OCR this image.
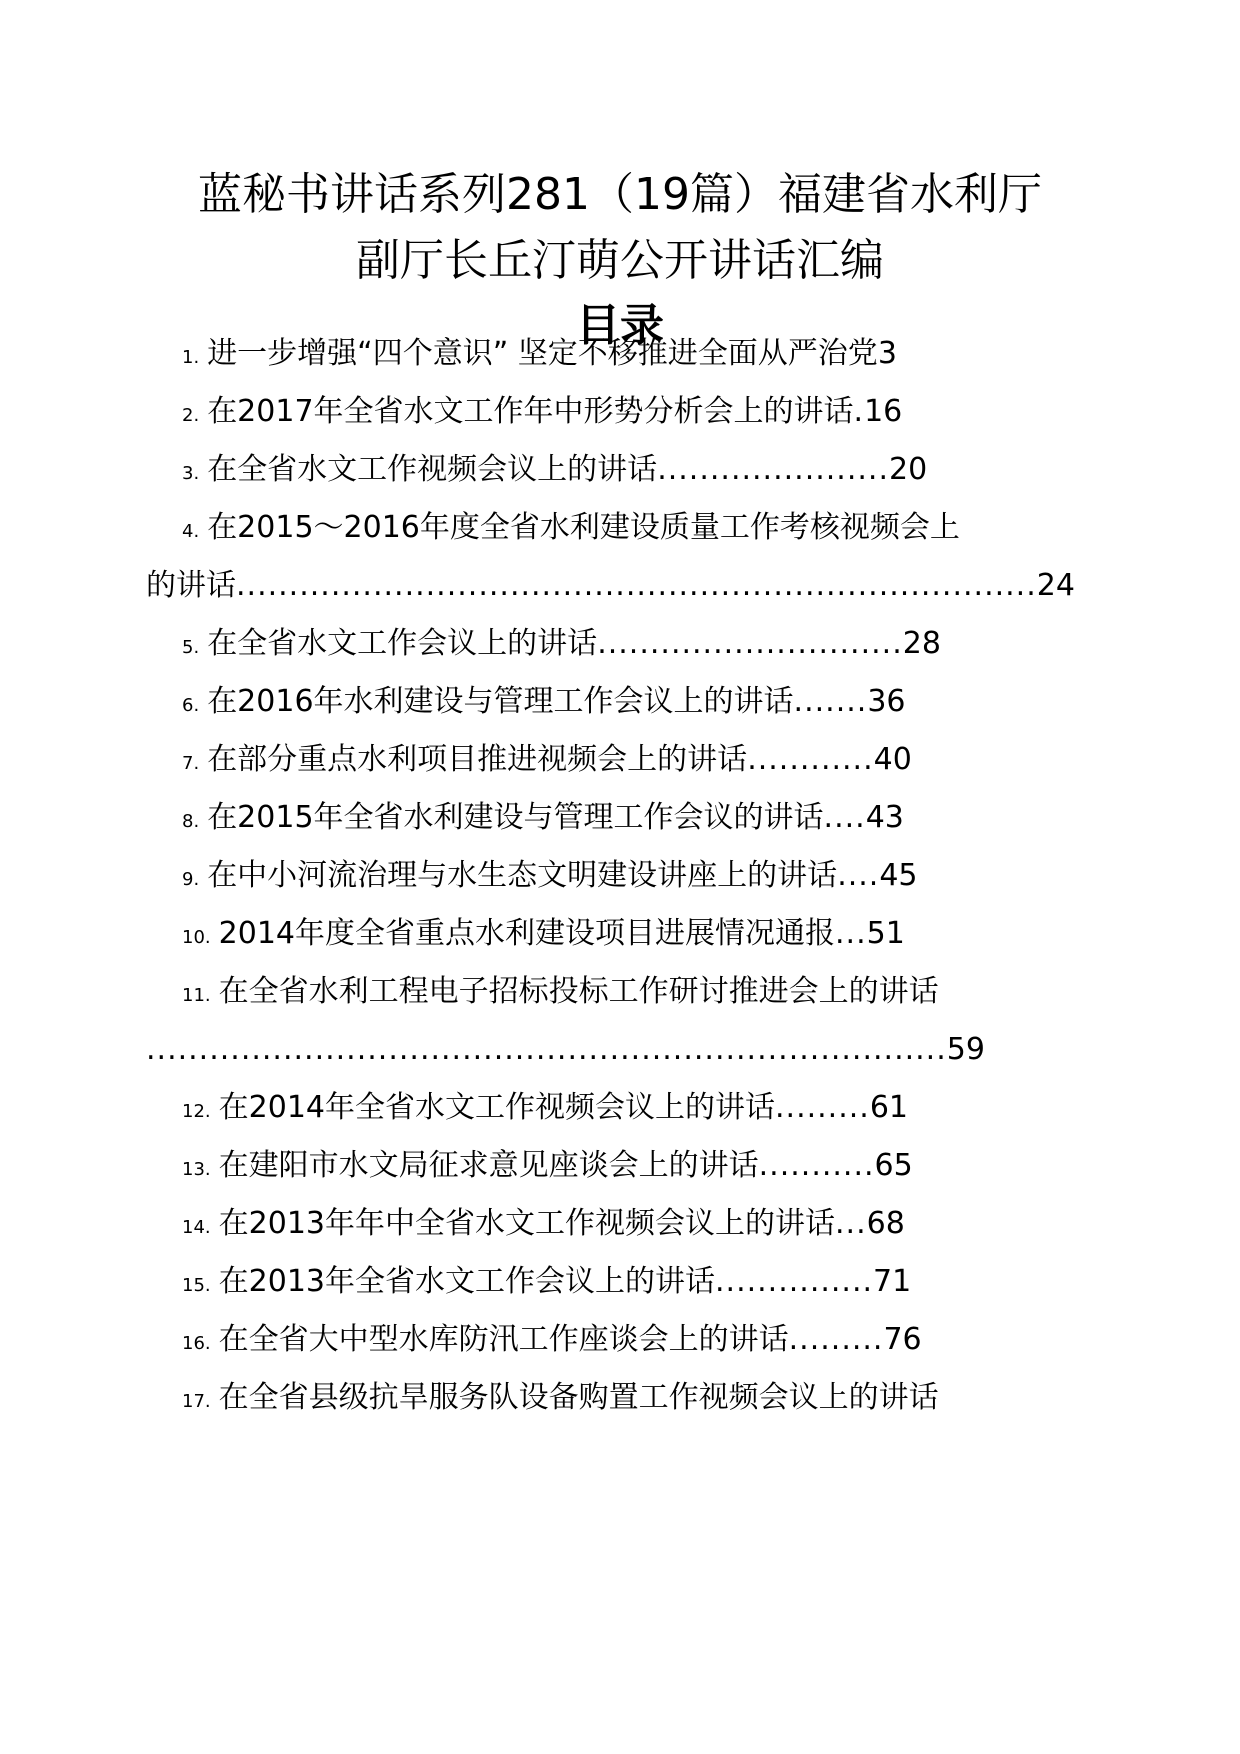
蓝秘书讲话系列281（19篇）福建省水利厅
副厅长丘汀萌公开讲话汇编
目录
1. 进一步增强“四个意识” 坚定不移推进全面从严治党3
2. 在2017年全省水文工作年中形势分析会上的讲话.16
3. 在全省水文工作视频会议上的讲话......................20
4. 在2015～2016年度全省水利建设质量工作考核视频会上
的讲话............................................................................24
5. 在全省水文工作会议上的讲话.............................28
6. 在2016年水利建设与管理工作会议上的讲话.......36
7. 在部分重点水利项目推进视频会上的讲话............40
8. 在2015年全省水利建设与管理工作会议的讲话....43
9. 在中小河流治理与水生态文明建设讲座上的讲话....45
10. 2014年度全省重点水利建设项目进展情况通报...51
11. 在全省水利工程电子招标投标工作研讨推进会上的讲话
............................................................................59
12. 在2014年全省水文工作视频会议上的讲话.........61
13. 在建阳市水文局征求意见座谈会上的讲话...........65
14. 在2013年年中全省水文工作视频会议上的讲话...68
15. 在2013年全省水文工作会议上的讲话...............71
16. 在全省大中型水库防汛工作座谈会上的讲话.........76
17. 在全省县级抗旱服务队设备购置工作视频会议上的讲话
